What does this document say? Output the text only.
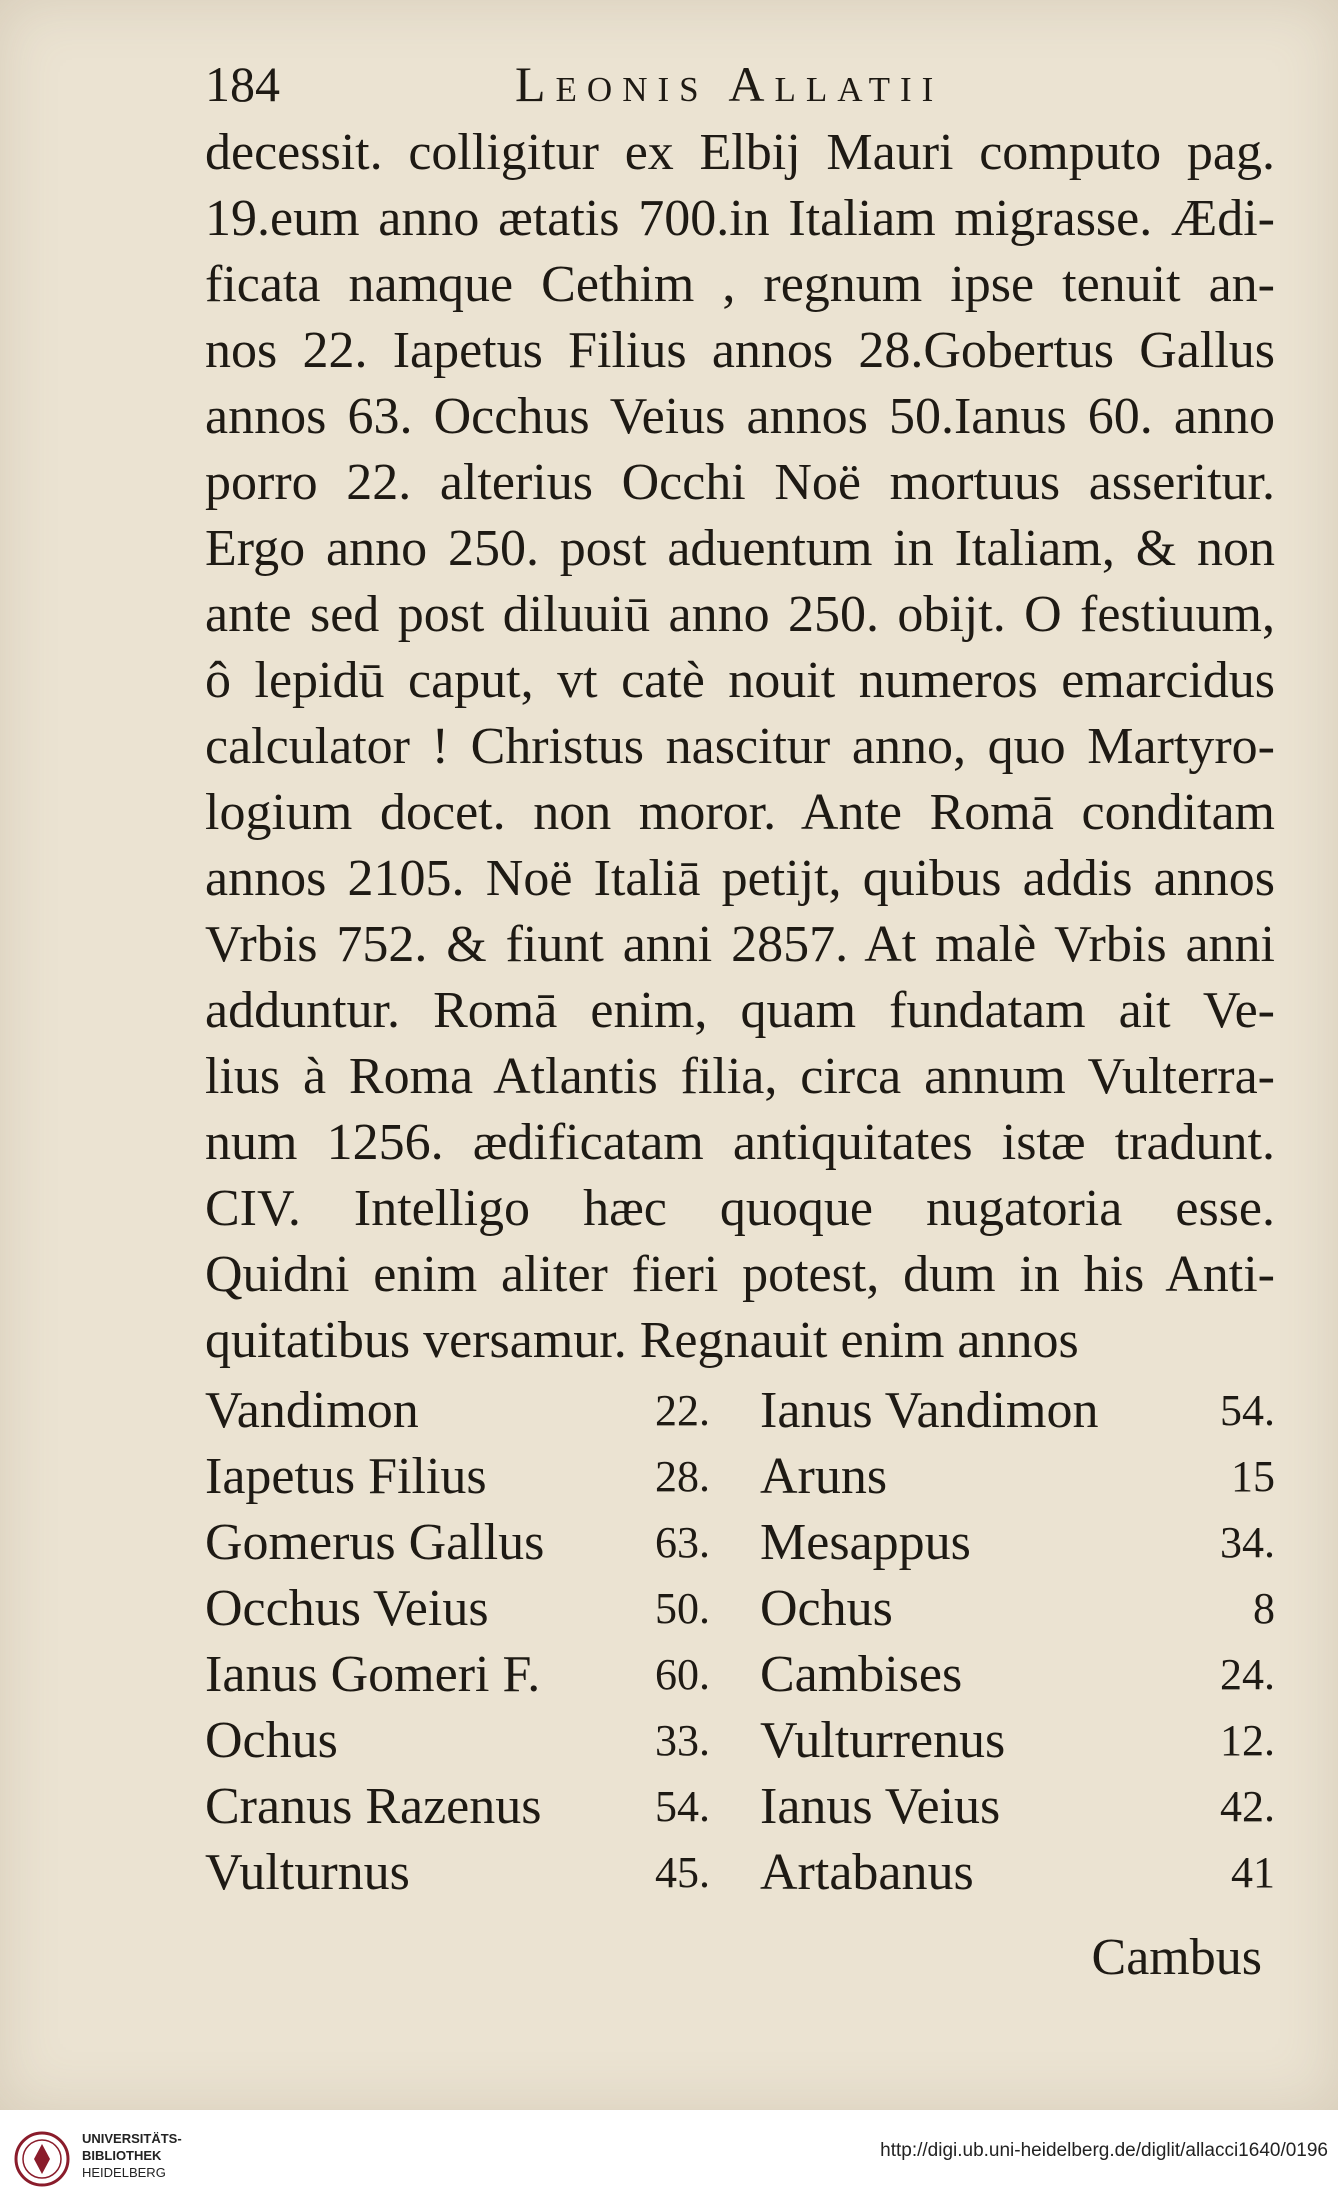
184	Leonis Allatii
decessit. colligitur ex Elbij Mauri computo pag.
19.eum anno ætatis 700.in Italiam migrasse. Ædi-
ficata namque Cethim , regnum ipse tenuit an-
nos 22. Iapetus Filius annos 28.Gobertus Gallus
annos 63. Occhus Veius annos 50.Ianus 60. anno
porro 22. alterius Occhi Noë mortuus asseritur.
Ergo anno 250. post aduentum in Italiam, & non
ante sed post diluuiū anno 250. obijt. O festiuum,
ô lepidū caput, vt catè nouit numeros emarcidus
calculator ! Christus nascitur anno, quo Martyro-
logium docet. non moror. Ante Romā conditam
annos 2105. Noë Italiā petijt, quibus addis annos
Vrbis 752. & fiunt anni 2857. At malè Vrbis anni
adduntur. Romā enim, quam fundatam ait Ve-
lius à Roma Atlantis filia, circa annum Vulterra-
num 1256. ædificatam antiquitates istæ tradunt.
CIV. Intelligo hæc quoque nugatoria esse.
Quidni enim aliter fieri potest, dum in his Anti-
quitatibus versamur. Regnauit enim annos
Vandimon	22. Ianus Vandimon	54.
Iapetus Filius	28. Aruns	15
Gomerus Gallus	63. Mesappus	34.
Occhus Veius	50. Ochus	8
Ianus Gomeri F.	60. Cambises	24.
Ochus	33. Vulturrenus	12.
Cranus Razenus	54. Ianus Veius	42.
Vulturnus	45. Artabanus	41
Cambus
UNIVERSITÄTS-
BIBLIOTHEK
HEIDELBERG
http://digi.ub.uni-heidelberg.de/diglit/allacci1640/0196
